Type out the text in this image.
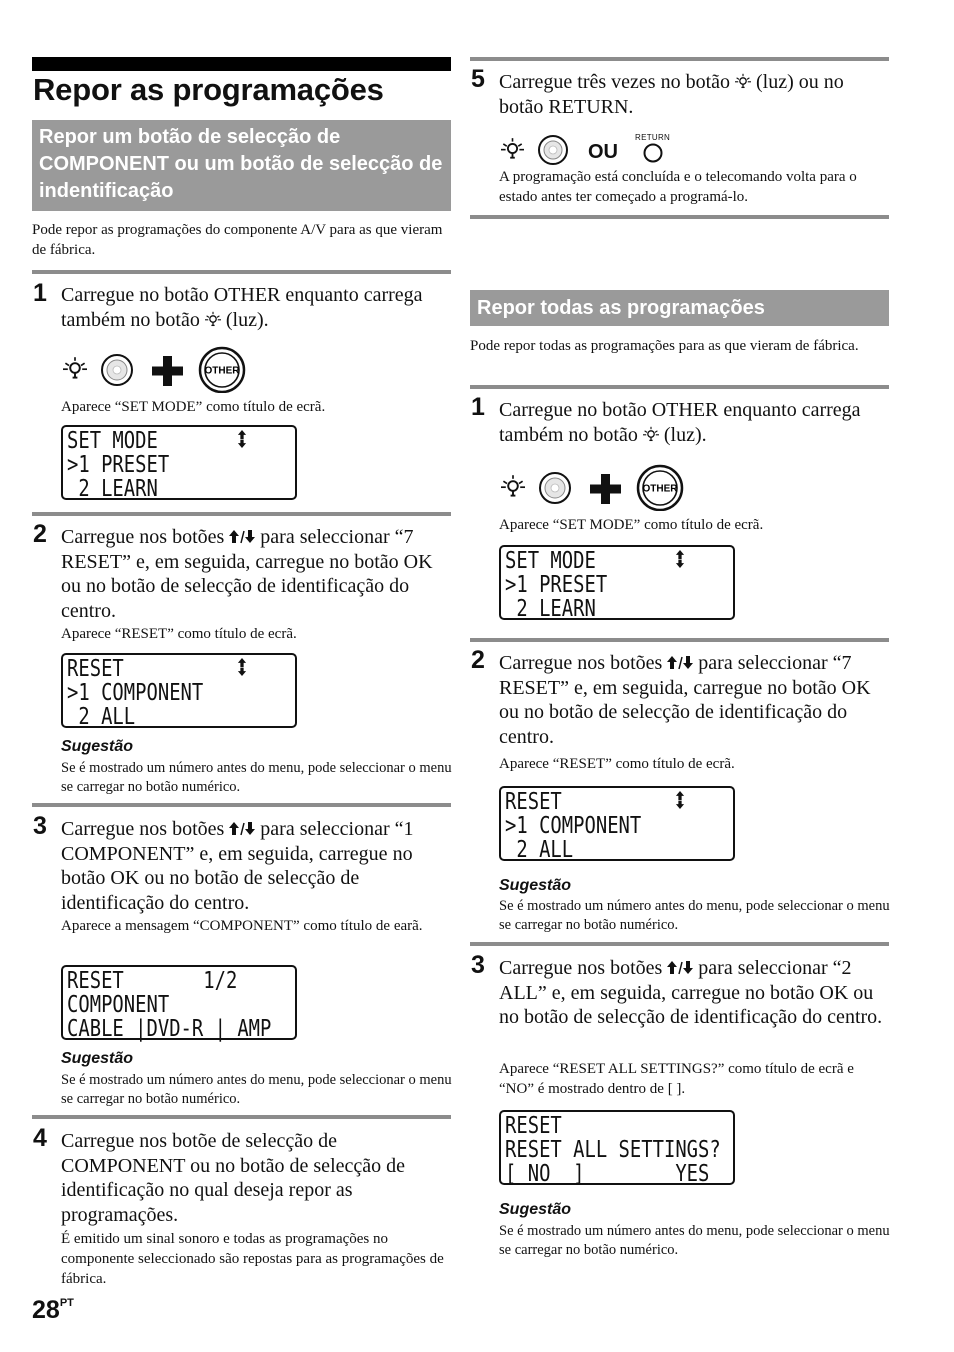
Repor as programações
Repor um botão de selecção de COMPONENT ou um botão de selecção de indentificação
Pode repor as programações do componente A/V para as que vieram de fábrica.
1 Carregue no botão OTHER enquanto carrega também no botão (luz).
OTHER
Aparece “SET MODE” como título de ecrã.
SET MODE
>1 PRESET
2 LEARN
2 Carregue nos botões para seleccionar “7 RESET” e, em seguida, carregue no botão OK ou no botão de selecção de identificação do centro.
Aparece “RESET” como título de ecrã.
RESET
>1 COMPONENT
2 ALL
Sugestão
Se é mostrado um número antes do menu, pode seleccionar o menu se carregar no botão numérico.
3 Carregue nos botões para seleccionar “1 COMPONENT” e, em seguida, carregue no botão OK ou no botão de selecção de identificação do centro.
Aparece a mensagem “COMPONENT” como título de earã.
RESET       1/2
COMPONENT
CABLE |DVD-R | AMP
Sugestão
Se é mostrado um número antes do menu, pode seleccionar o menu se carregar no botão numérico.
4 Carregue nos botõe de selecção de COMPONENT ou no botão de selecção de identificação no qual deseja repor as programações.
É emitido um sinal sonoro e todas as programações no componente seleccionado são repostas para as programações de fábrica.
$28^{PT}$
5 Carregue três vezes no botão (luz) ou no botão RETURN.
OU
RETURN
A programação está concluída e o telecomando volta para o estado antes ter começado a programá-lo.
Repor todas as programações
Pode repor todas as programações para as que vieram de fábrica.
1 Carregue no botão OTHER enquanto carrega também no botão (luz).
OTHER
Aparece “SET MODE” como título de ecrã.
SET MODE
>1 PRESET
2 LEARN
2 Carregue nos botões para seleccionar “7 RESET” e, em seguida, carregue no botão OK ou no botão de selecção de identificação do centro.
Aparece “RESET” como título de ecrã.
RESET
>1 COMPONENT
2 ALL
Sugestão
Se é mostrado um número antes do menu, pode seleccionar o menu se carregar no botão numérico.
3 Carregue nos botões para seleccionar “2 ALL” e, em seguida, carregue no botão OK ou no botão de selecção de identificação do centro.
Aparece “RESET ALL SETTINGS?” como título de ecrã e “NO” é mostrado dentro de [ ].
RESET
RESET ALL SETTINGS?
[ NO  ]        YES
Sugestão
Se é mostrado um número antes do menu, pode seleccionar o menu se carregar no botão numérico.
